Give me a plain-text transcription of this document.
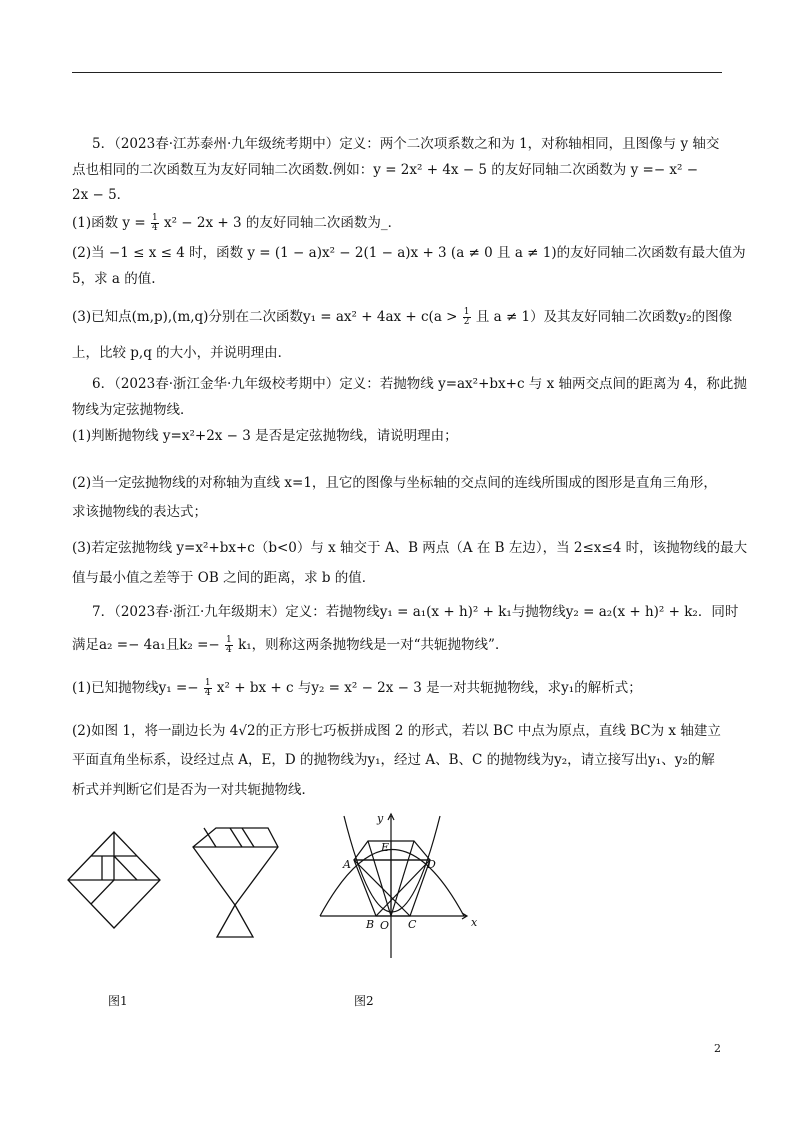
5．（2023春·江苏泰州·九年级统考期中）定义：两个二次项系数之和为 1，对称轴相同，且图像与 y 轴交
点也相同的二次函数互为友好同轴二次函数.例如：y = 2x² + 4x − 5 的友好同轴二次函数为 y =− x² −
2x − 5．
(1)函数 $y = \frac{1}{4} x^2 - 2x + 3$ 的友好同轴二次函数为_．
(2)当 −1 ≤ x ≤ 4 时，函数 y = (1 − a)x² − 2(1 − a)x + 3 (a ≠ 0 且 a ≠ 1)的友好同轴二次函数有最大值为
5，求 a 的值.
(3)已知点(m,p),(m,q)分别在二次函数$y_1 = ax^2 + 4ax + c(a > \frac{1}{2}$ 且 a ≠ 1）及其友好同轴二次函数y₂的图像
上，比较 p,q 的大小，并说明理由．
6．（2023春·浙江金华·九年级校考期中）定义：若抛物线 y=ax²+bx+c 与 x 轴两交点间的距离为 4，称此抛
物线为定弦抛物线．
(1)判断抛物线 y=x²+2x − 3 是否是定弦抛物线，请说明理由；
(2)当一定弦抛物线的对称轴为直线 x=1，且它的图像与坐标轴的交点间的连线所围成的图形是直角三角形，
求该抛物线的表达式；
(3)若定弦抛物线 y=x²+bx+c（b<0）与 x 轴交于 A、B 两点（A 在 B 左边），当 2≤x≤4 时，该抛物线的最大
值与最小值之差等于 OB 之间的距离，求 b 的值．
7．（2023春·浙江·九年级期末）定义：若抛物线y₁ = a₁(x + h)² + k₁与抛物线y₂ = a₂(x + h)² + k₂．同时
满足a₂ =− 4a₁且$k_2 =- \frac{1}{4} k_1$，则称这两条抛物线是一对“共轭抛物线”．
(1)已知抛物线$y_1 =- \frac{1}{4} x^2$ + bx + c 与y₂ = x² − 2x − 3 是一对共轭抛物线，求y₁的解析式；
(2)如图 1，将一副边长为 4√2的正方形七巧板拼成图 2 的形式，若以 BC 中点为原点，直线 BC为 x 轴建立
平面直角坐标系，设经过点 A，E，D 的抛物线为y₁，经过 A、B、C 的抛物线为y₂，请立接写出y₁、y₂的解
析式并判断它们是否为一对共轭抛物线．
y
x
E
A	D
B O C
图1	图2
2
